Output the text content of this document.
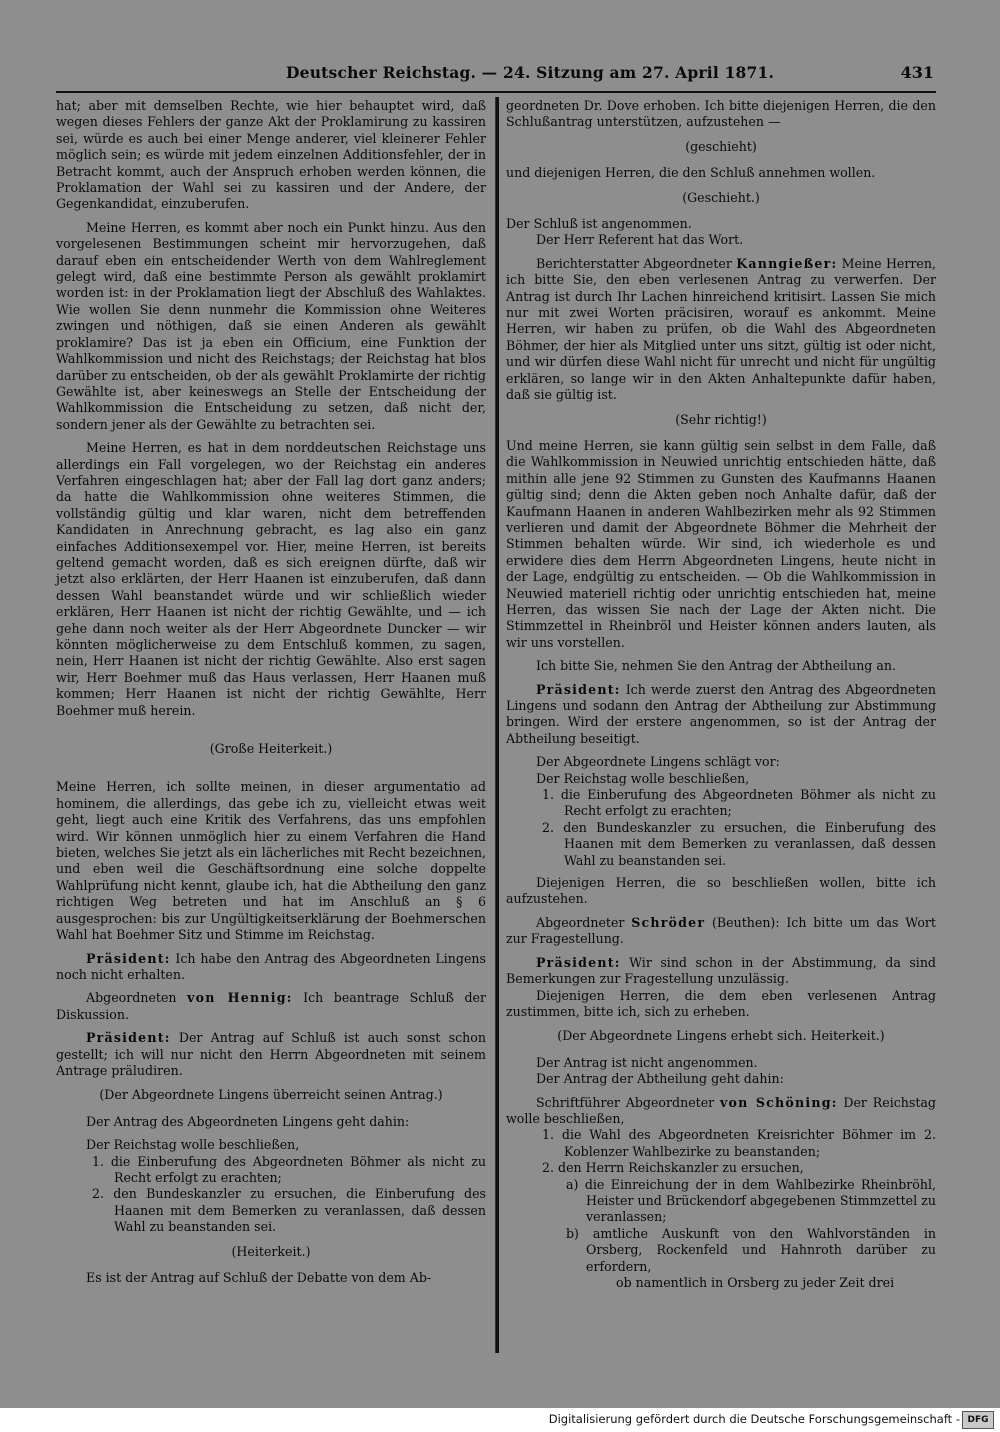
Deutscher Reichstag. — 24. Sitzung am 27. April 1871.	431

hat; aber mit demselben Rechte, wie hier behauptet wird, daß wegen dieses Fehlers der ganze Akt der Proklamirung zu kassiren sei, würde es auch bei einer Menge anderer, viel kleinerer Fehler möglich sein; es würde mit jedem einzelnen Additionsfehler, der in Betracht kommt, auch der Anspruch erhoben werden können, die Proklamation der Wahl sei zu kassiren und der Andere, der Gegenkandidat, einzuberufen.

Meine Herren, es kommt aber noch ein Punkt hinzu. Aus den vorgelesenen Bestimmungen scheint mir hervorzugehen, daß darauf eben ein entscheidender Werth von dem Wahlreglement gelegt wird, daß eine bestimmte Person als gewählt proklamirt worden ist: in der Proklamation liegt der Abschluß des Wahlaktes. Wie wollen Sie denn nunmehr die Kommission ohne Weiteres zwingen und nöthigen, daß sie einen Anderen als gewählt proklamire? Das ist ja eben ein Officium, eine Funktion der Wahlkommission und nicht des Reichstags; der Reichstag hat blos darüber zu entscheiden, ob der als gewählt Proklamirte der richtig Gewählte ist, aber keineswegs an Stelle der Entscheidung der Wahlkommission die Entscheidung zu setzen, daß nicht der, sondern jener als der Gewählte zu betrachten sei.

Meine Herren, es hat in dem norddeutschen Reichstage uns allerdings ein Fall vorgelegen, wo der Reichstag ein anderes Verfahren eingeschlagen hat; aber der Fall lag dort ganz anders; da hatte die Wahlkommission ohne weiteres Stimmen, die vollständig gültig und klar waren, nicht dem betreffenden Kandidaten in Anrechnung gebracht, es lag also ein ganz einfaches Additionsexempel vor. Hier, meine Herren, ist bereits geltend gemacht worden, daß es sich ereignen dürfte, daß wir jetzt also erklärten, der Herr Haanen ist einzuberufen, daß dann dessen Wahl beanstandet würde und wir schließlich wieder erklären, Herr Haanen ist nicht der richtig Gewählte, und — ich gehe dann noch weiter als der Herr Abgeordnete Duncker — wir könnten möglicherweise zu dem Entschluß kommen, zu sagen, nein, Herr Haanen ist nicht der richtig Gewählte. Also erst sagen wir, Herr Boehmer muß das Haus verlassen, Herr Haanen muß kommen; Herr Haanen ist nicht der richtig Gewählte, Herr Boehmer muß herein.

(Große Heiterkeit.)

Meine Herren, ich sollte meinen, in dieser argumentatio ad hominem, die allerdings, das gebe ich zu, vielleicht etwas weit geht, liegt auch eine Kritik des Verfahrens, das uns empfohlen wird. Wir können unmöglich hier zu einem Verfahren die Hand bieten, welches Sie jetzt als ein lächerliches mit Recht bezeichnen, und eben weil die Geschäftsordnung eine solche doppelte Wahlprüfung nicht kennt, glaube ich, hat die Abtheilung den ganz richtigen Weg betreten und hat im Anschluß an § 6 ausgesprochen: bis zur Ungültigkeitserklärung der Boehmerschen Wahl hat Boehmer Sitz und Stimme im Reichstag.

Präsident: Ich habe den Antrag des Abgeordneten Lingens noch nicht erhalten.

Abgeordneten von Hennig: Ich beantrage Schluß der Diskussion.

Präsident: Der Antrag auf Schluß ist auch sonst schon gestellt; ich will nur nicht den Herrn Abgeordneten mit seinem Antrage präludiren.

(Der Abgeordnete Lingens überreicht seinen Antrag.)

Der Antrag des Abgeordneten Lingens geht dahin:

Der Reichstag wolle beschließen,

1. die Einberufung des Abgeordneten Böhmer als nicht zu Recht erfolgt zu erachten;

2. den Bundeskanzler zu ersuchen, die Einberufung des Haanen mit dem Bemerken zu veranlassen, daß dessen Wahl zu beanstanden sei.

(Heiterkeit.)

Es ist der Antrag auf Schluß der Debatte von dem Ab-

geordneten Dr. Dove erhoben. Ich bitte diejenigen Herren, die den Schlußantrag unterstützen, aufzustehen —

(geschieht)

und diejenigen Herren, die den Schluß annehmen wollen.

(Geschieht.)

Der Schluß ist angenommen.

Der Herr Referent hat das Wort.

Berichterstatter Abgeordneter Kanngießer: Meine Herren, ich bitte Sie, den eben verlesenen Antrag zu verwerfen. Der Antrag ist durch Ihr Lachen hinreichend kritisirt. Lassen Sie mich nur mit zwei Worten präcisiren, worauf es ankommt. Meine Herren, wir haben zu prüfen, ob die Wahl des Abgeordneten Böhmer, der hier als Mitglied unter uns sitzt, gültig ist oder nicht, und wir dürfen diese Wahl nicht für unrecht und nicht für ungültig erklären, so lange wir in den Akten Anhaltepunkte dafür haben, daß sie gültig ist.

(Sehr richtig!)

Und meine Herren, sie kann gültig sein selbst in dem Falle, daß die Wahlkommission in Neuwied unrichtig entschieden hätte, daß mithin alle jene 92 Stimmen zu Gunsten des Kaufmanns Haanen gültig sind; denn die Akten geben noch Anhalte dafür, daß der Kaufmann Haanen in anderen Wahlbezirken mehr als 92 Stimmen verlieren und damit der Abgeordnete Böhmer die Mehrheit der Stimmen behalten würde. Wir sind, ich wiederhole es und erwidere dies dem Herrn Abgeordneten Lingens, heute nicht in der Lage, endgültig zu entscheiden. — Ob die Wahlkommission in Neuwied materiell richtig oder unrichtig entschieden hat, meine Herren, das wissen Sie nach der Lage der Akten nicht. Die Stimmzettel in Rheinbröl und Heister können anders lauten, als wir uns vorstellen.

Ich bitte Sie, nehmen Sie den Antrag der Abtheilung an.

Präsident: Ich werde zuerst den Antrag des Abgeordneten Lingens und sodann den Antrag der Abtheilung zur Abstimmung bringen. Wird der erstere angenommen, so ist der Antrag der Abtheilung beseitigt.

Der Abgeordnete Lingens schlägt vor:

Der Reichstag wolle beschließen,

1. die Einberufung des Abgeordneten Böhmer als nicht zu Recht erfolgt zu erachten;

2. den Bundeskanzler zu ersuchen, die Einberufung des Haanen mit dem Bemerken zu veranlassen, daß dessen Wahl zu beanstanden sei.

Diejenigen Herren, die so beschließen wollen, bitte ich aufzustehen.

Abgeordneter Schröder (Beuthen): Ich bitte um das Wort zur Fragestellung.

Präsident: Wir sind schon in der Abstimmung, da sind Bemerkungen zur Fragestellung unzulässig.

Diejenigen Herren, die dem eben verlesenen Antrag zustimmen, bitte ich, sich zu erheben.

(Der Abgeordnete Lingens erhebt sich. Heiterkeit.)

Der Antrag ist nicht angenommen.

Der Antrag der Abtheilung geht dahin:

Schriftführer Abgeordneter von Schöning: Der Reichstag wolle beschließen,

1. die Wahl des Abgeordneten Kreisrichter Böhmer im 2. Koblenzer Wahlbezirke zu beanstanden;

2. den Herrn Reichskanzler zu ersuchen,

a) die Einreichung der in dem Wahlbezirke Rheinbröhl, Heister und Brückendorf abgegebenen Stimmzettel zu veranlassen;

b) amtliche Auskunft von den Wahlvorständen in Orsberg, Rockenfeld und Hahnroth darüber zu erfordern,

ob namentlich in Orsberg zu jeder Zeit drei

Digitalisierung gefördert durch die Deutsche Forschungsgemeinschaft - DFG
